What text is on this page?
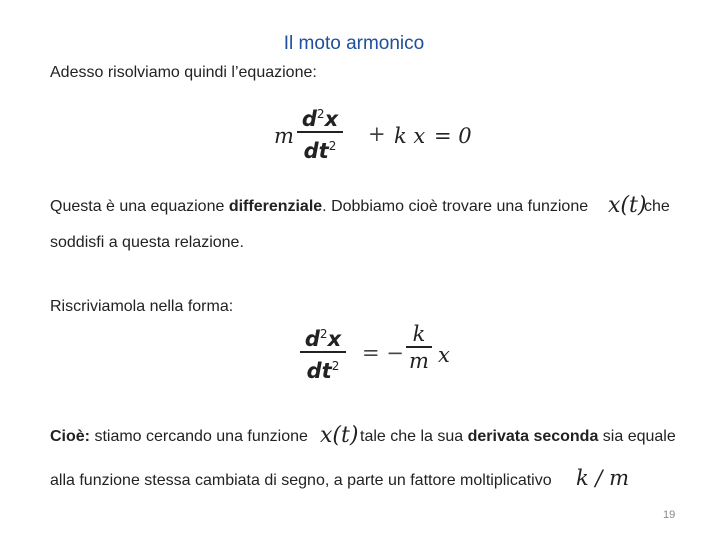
Il moto armonico
Adesso risolviamo quindi l’equazione:
m
$d^2x$
$dt^2 + k$ x = 0
Questa è una equazione differenziale. Dobbiamo cioè trovare una funzione x(t)
che
soddisfi a questa relazione.
Riscriviamola nella forma:
$d^2x$
$dt^2$
= −
k
m x
Cioè: stiamo cercando una funzione x(t) tale che la sua derivata seconda sia equale
alla funzione stessa cambiata di segno, a parte un fattore moltiplicativo k / m
19
